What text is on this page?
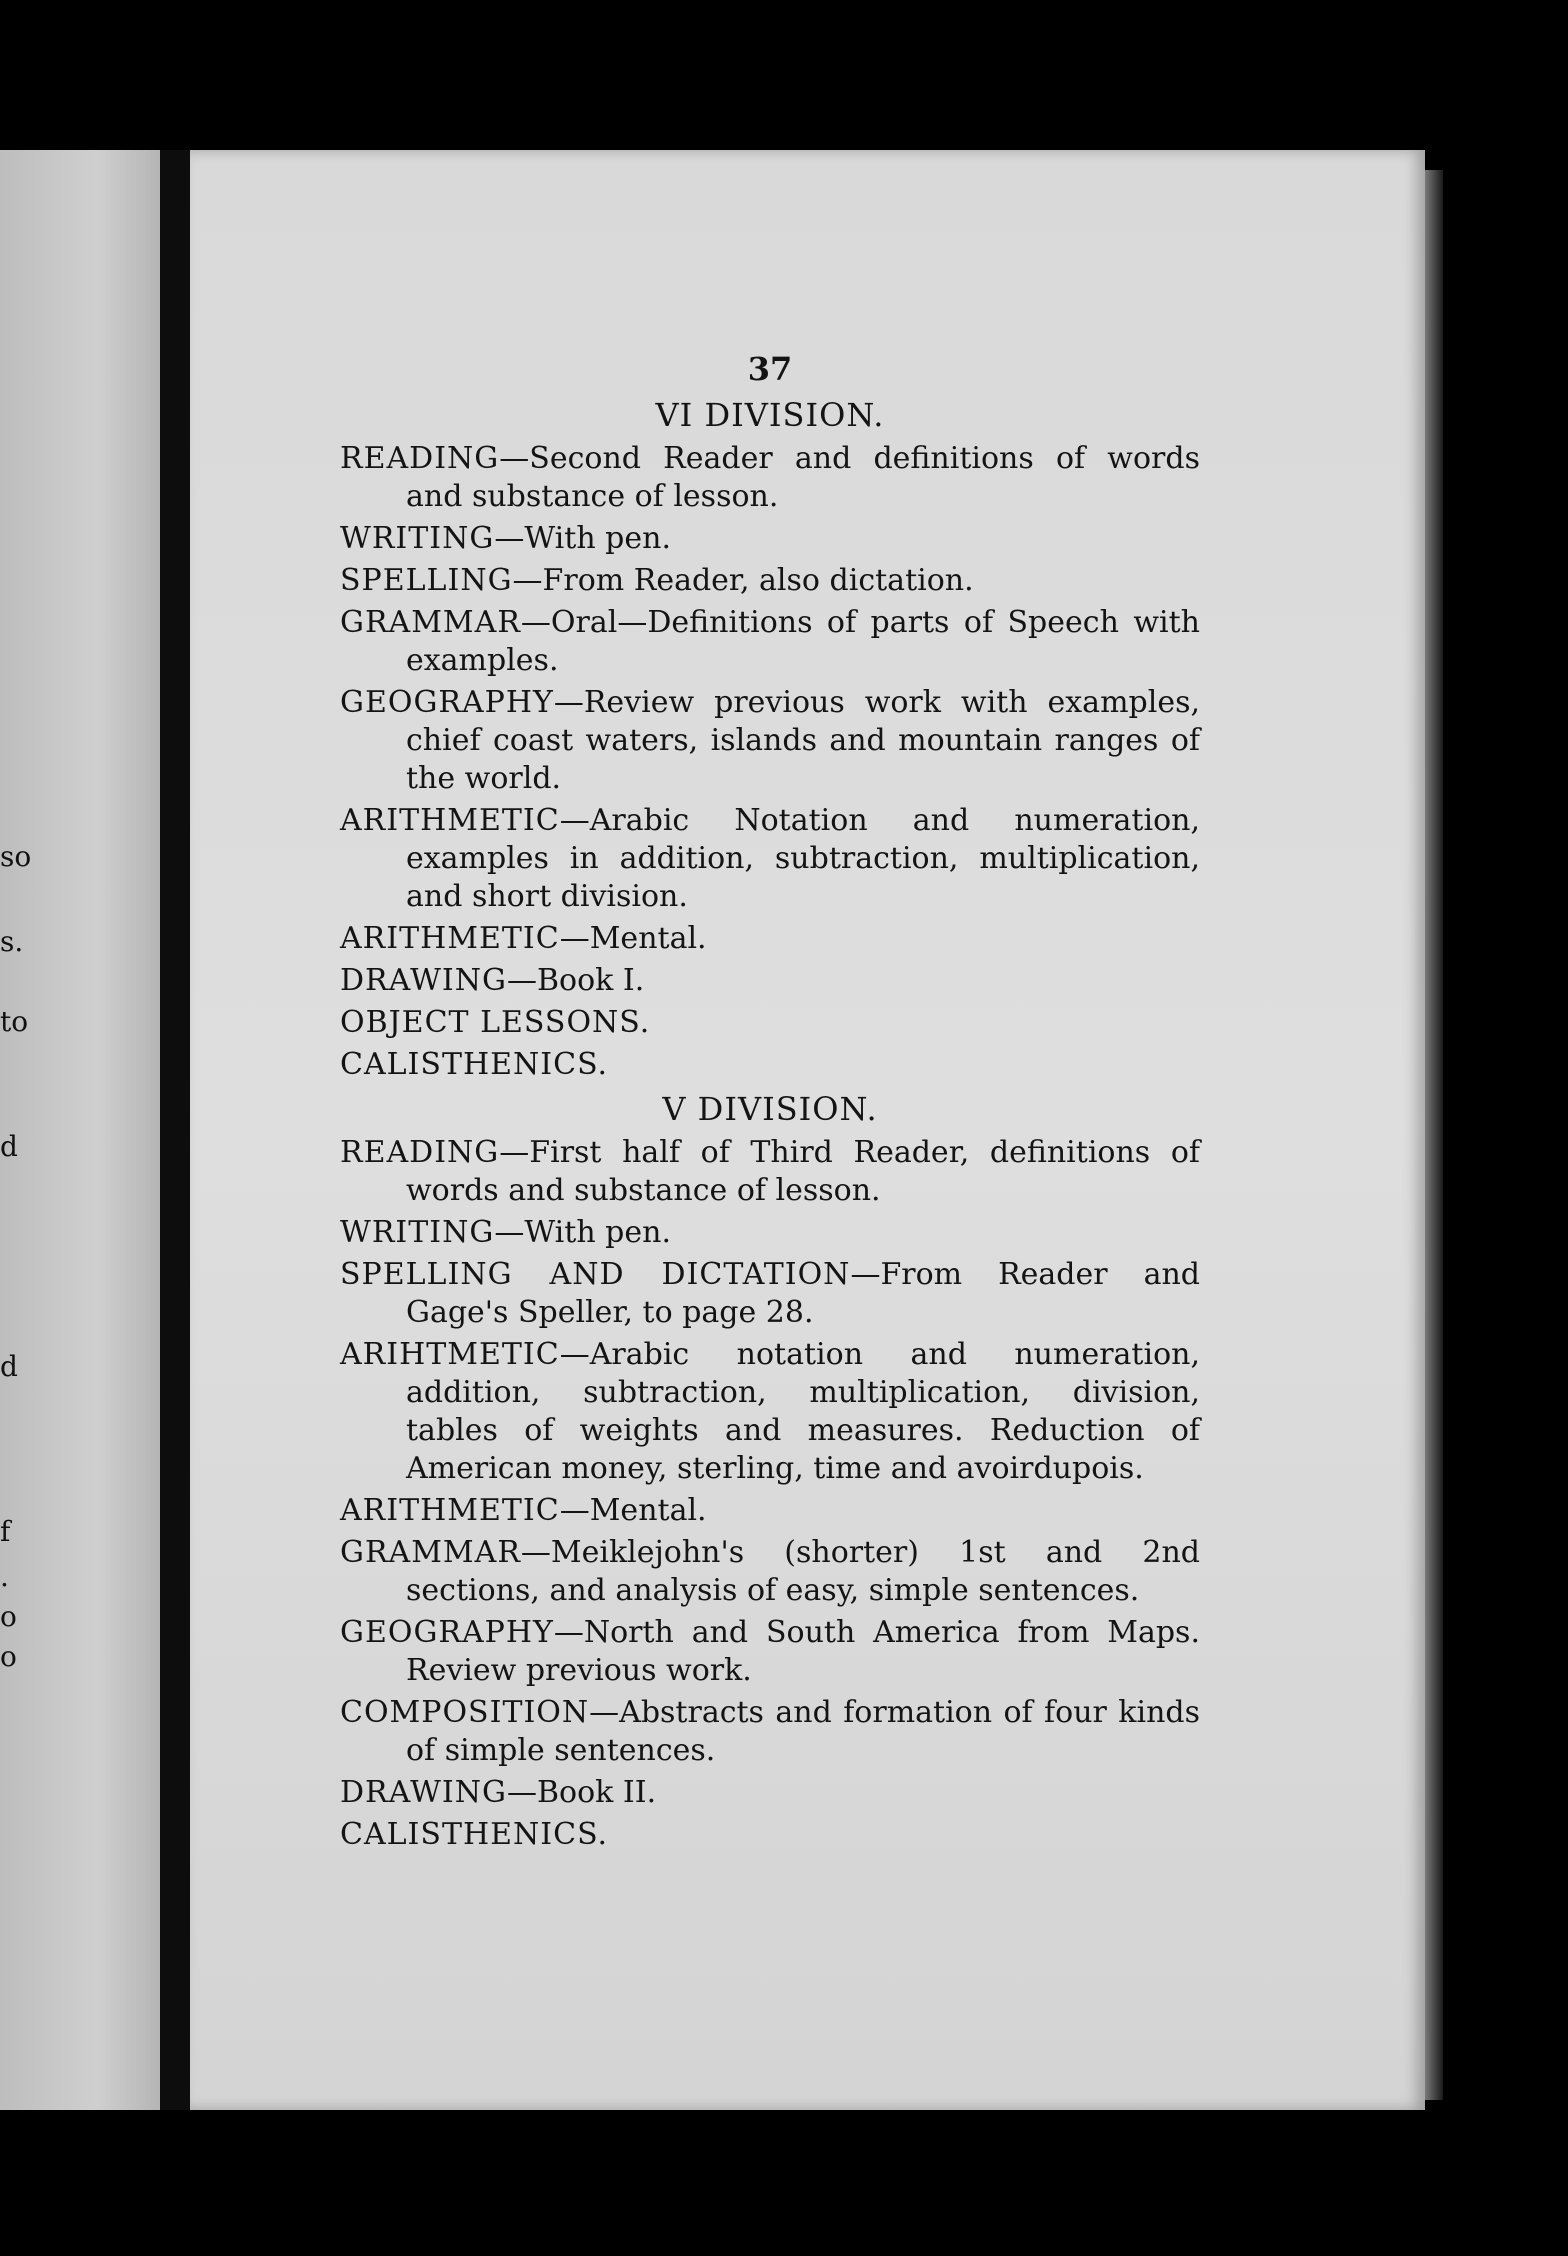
so
s.
to
d
d
f
.
o
o
37
VI DIVISION.
READING—Second Reader and definitions of words and substance of lesson.
WRITING—With pen.
SPELLING—From Reader, also dictation.
GRAMMAR—Oral—Definitions of parts of Speech with examples.
GEOGRAPHY—Review previous work with examples, chief coast waters, islands and mountain ranges of the world.
ARITHMETIC—Arabic Notation and numeration, examples in addition, subtraction, multiplication, and short division.
ARITHMETIC—Mental.
DRAWING—Book I.
OBJECT LESSONS.
CALISTHENICS.
V DIVISION.
READING—First half of Third Reader, definitions of words and substance of lesson.
WRITING—With pen.
SPELLING AND DICTATION—From Reader and Gage's Speller, to page 28.
ARIHTMETIC—Arabic notation and numeration, addition, subtraction, multiplication, division, tables of weights and measures. Reduction of American money, sterling, time and avoirdupois.
ARITHMETIC—Mental.
GRAMMAR—Meiklejohn's (shorter) 1st and 2nd sections, and analysis of easy, simple sentences.
GEOGRAPHY—North and South America from Maps. Review previous work.
COMPOSITION—Abstracts and formation of four kinds of simple sentences.
DRAWING—Book II.
CALISTHENICS.
